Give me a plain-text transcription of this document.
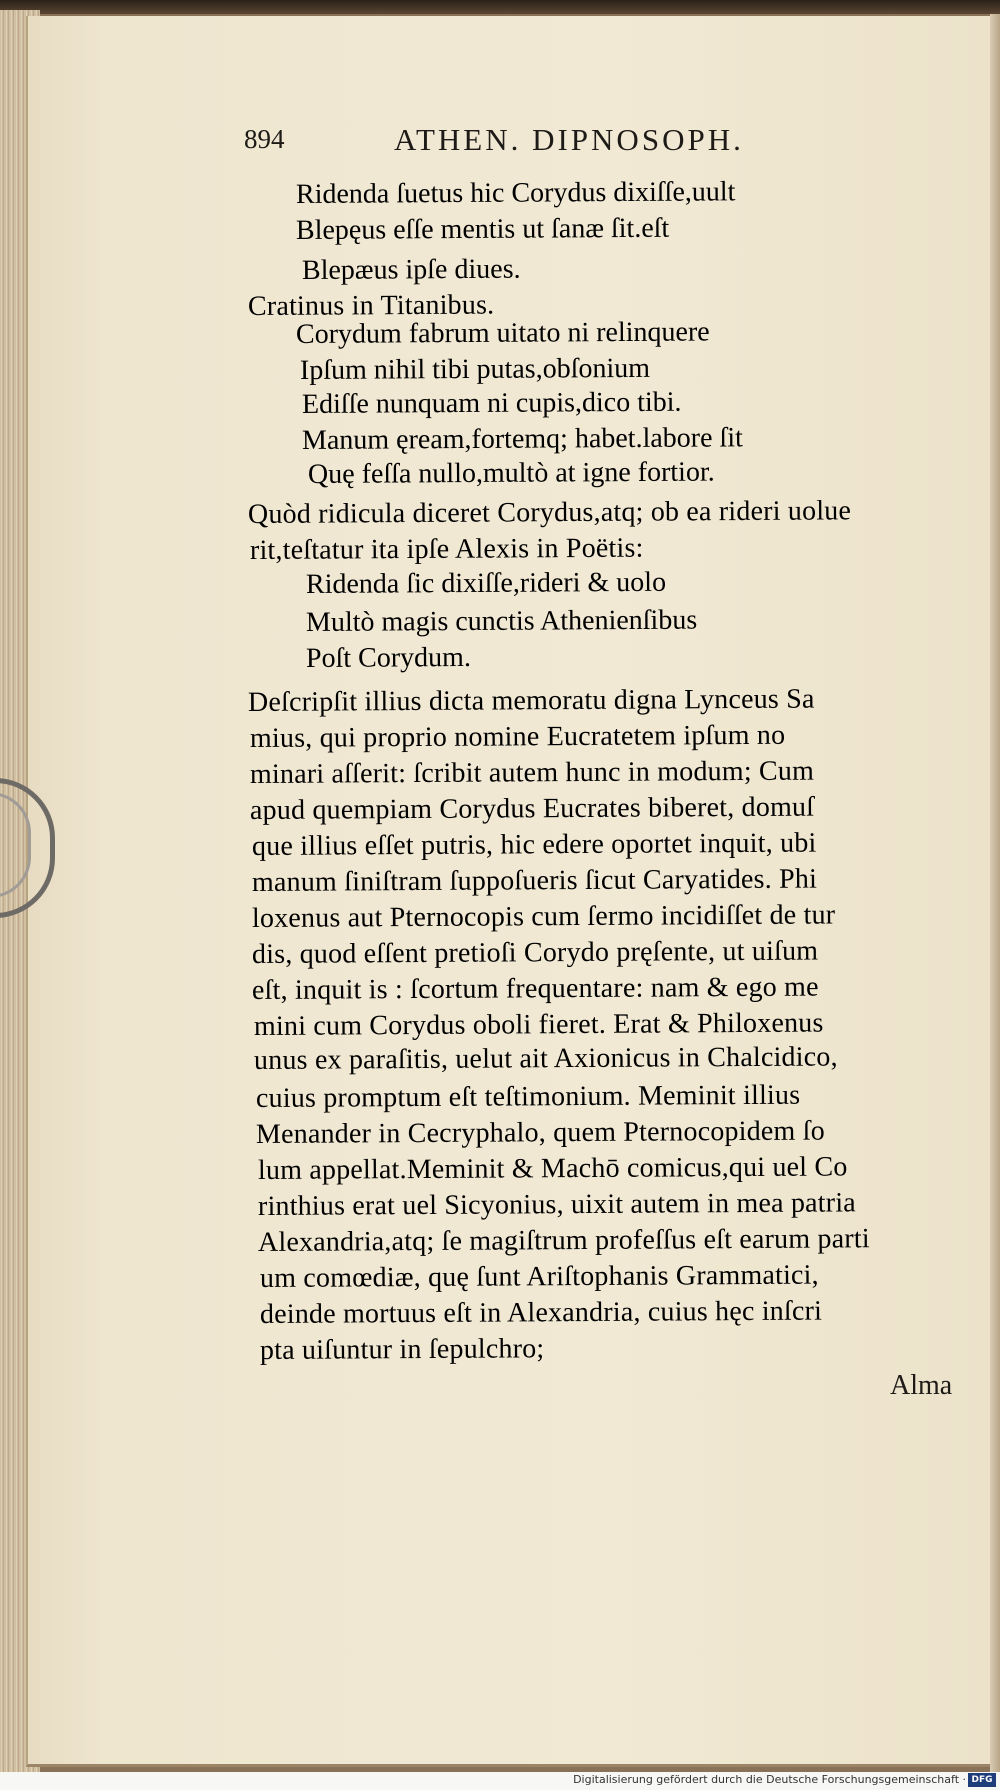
894	ATHEN. DIPNOSOPH.
Alma
Ridenda ſuetus hic Corydus dixiſſe,uult
Blepęus eſſe mentis ut ſanæ ſit.eſt
Blepæus ipſe diues.
Cratinus in Titanibus.
Corydum fabrum uitato ni relinquere
Ipſum nihil tibi putas,obſonium
Ediſſe nunquam ni cupis,dico tibi.
Manum ęream,fortemq; habet.labore ſit
Quę feſſa nullo,multò at igne fortior.
Quòd ridicula diceret Corydus,atq; ob ea rideri uolue
rit,teſtatur ita ipſe Alexis in Poëtis:
Ridenda ſic dixiſſe,rideri & uolo
Multò magis cunctis Athenienſibus
Poſt Corydum.
Deſcripſit illius dicta memoratu digna Lynceus Sa
mius, qui proprio nomine Eucratetem ipſum no
minari aſſerit: ſcribit autem hunc in modum; Cum
apud quempiam Corydus Eucrates biberet, domuſ
que illius eſſet putris, hic edere oportet inquit, ubi
manum ſiniſtram ſuppoſueris ſicut Caryatides. Phi
loxenus aut Pternocopis cum ſermo incidiſſet de tur
dis, quod eſſent pretioſi Corydo pręſente, ut uiſum
eſt, inquit is : ſcortum frequentare: nam & ego me
mini cum Corydus oboli fieret. Erat & Philoxenus
unus ex paraſitis, uelut ait Axionicus in Chalcidico,
cuius promptum eſt teſtimonium. Meminit illius
Menander in Cecryphalo, quem Pternocopidem ſo
lum appellat.Meminit & Machō comicus,qui uel Co
rinthius erat uel Sicyonius, uixit autem in mea patria
Alexandria,atq; ſe magiſtrum profeſſus eſt earum parti
um comœdiæ, quę ſunt Ariſtophanis Grammatici,
deinde mortuus eſt in Alexandria, cuius hęc inſcri
pta uiſuntur in ſepulchro;
Digitalisierung gefördert durch die Deutsche Forschungsgemeinschaft · DFG
